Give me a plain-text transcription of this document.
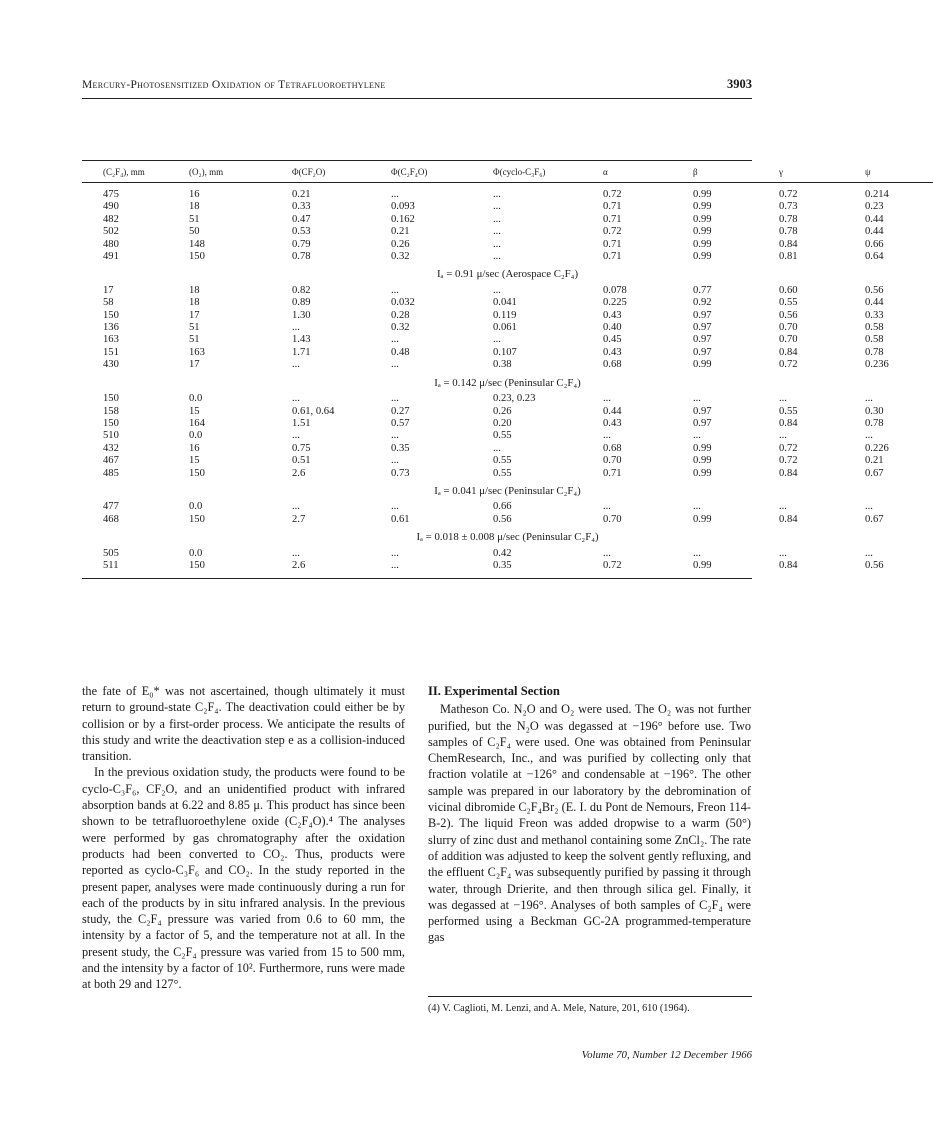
Mercury-Photosensitized Oxidation of Tetrafluoroethylene	3903
(C₂F₄), mm	(O₂), mm	Φ(CF₂O)	Φ(C₂F₄O)	Φ(cyclo-C₃F₆)	α	β	γ	ψ

475	16	0.21	...	...	0.72	0.99	0.72	0.214
490	18	0.33	0.093	...	0.71	0.99	0.73	0.23
482	51	0.47	0.162	...	0.71	0.99	0.78	0.44
502	50	0.53	0.21	...	0.72	0.99	0.78	0.44
480	148	0.79	0.26	...	0.71	0.99	0.84	0.66
491	150	0.78	0.32	...	0.71	0.99	0.81	0.64
Iₐ = 0.91 μ/sec (Aerospace C₂F₄)								
17	18	0.82	...	...	0.078	0.77	0.60	0.56
58	18	0.89	0.032	0.041	0.225	0.92	0.55	0.44
150	17	1.30	0.28	0.119	0.43	0.97	0.56	0.33
136	51	...	0.32	0.061	0.40	0.97	0.70	0.58
163	51	1.43	...	...	0.45	0.97	0.70	0.58
151	163	1.71	0.48	0.107	0.43	0.97	0.84	0.78
430	17	...	...	0.38	0.68	0.99	0.72	0.236
Iₐ = 0.142 μ/sec (Peninsular C₂F₄)								
150	0.0	...	...	0.23, 0.23	...	...	...	...
158	15	0.61, 0.64	0.27	0.26	0.44	0.97	0.55	0.30
150	164	1.51	0.57	0.20	0.43	0.97	0.84	0.78
510	0.0	...	...	0.55	...	...	...	...
432	16	0.75	0.35	...	0.68	0.99	0.72	0.226
467	15	0.51	...	0.55	0.70	0.99	0.72	0.21
485	150	2.6	0.73	0.55	0.71	0.99	0.84	0.67
Iₐ = 0.041 μ/sec (Peninsular C₂F₄)								
477	0.0	...	...	0.66	...	...	...	...
468	150	2.7	0.61	0.56	0.70	0.99	0.84	0.67
Iₐ = 0.018 ± 0.008 μ/sec (Peninsular C₂F₄)								
505	0.0	...	...	0.42	...	...	...	...
511	150	2.6	...	0.35	0.72	0.99	0.84	0.56

the fate of E₀* was not ascertained, though ultimately it must return to ground-state C₂F₄. The deactivation could either be by collision or by a first-order process. We anticipate the results of this study and write the deactivation step e as a collision-induced transition.

In the previous oxidation study, the products were found to be cyclo-C₃F₆, CF₂O, and an unidentified product with infrared absorption bands at 6.22 and 8.85 μ. This product has since been shown to be tetrafluoroethylene oxide (C₂F₄O).⁴ The analyses were performed by gas chromatography after the oxidation products had been converted to CO₂. Thus, products were reported as cyclo-C₃F₆ and CO₂. In the study reported in the present paper, analyses were made continuously during a run for each of the products by in situ infrared analysis. In the previous study, the C₂F₄ pressure was varied from 0.6 to 60 mm, the intensity by a factor of 5, and the temperature not at all. In the present study, the C₂F₄ pressure was varied from 15 to 500 mm, and the intensity by a factor of 10². Furthermore, runs were made at both 29 and 127°.

II. Experimental Section

Matheson Co. N₂O and O₂ were used. The O₂ was not further purified, but the N₂O was degassed at −196° before use. Two samples of C₂F₄ were used. One was obtained from Peninsular ChemResearch, Inc., and was purified by collecting only that fraction volatile at −126° and condensable at −196°. The other sample was prepared in our laboratory by the debromination of vicinal dibromide C₂F₄Br₂ (E. I. du Pont de Nemours, Freon 114-B-2). The liquid Freon was added dropwise to a warm (50°) slurry of zinc dust and methanol containing some ZnCl₂. The rate of addition was adjusted to keep the solvent gently refluxing, and the effluent C₂F₄ was subsequently purified by passing it through water, through Drierite, and then through silica gel. Finally, it was degassed at −196°. Analyses of both samples of C₂F₄ were performed using a Beckman GC-2A programmed-temperature gas

(4) V. Caglioti, M. Lenzi, and A. Mele, Nature, 201, 610 (1964).
Volume 70, Number 12 December 1966
